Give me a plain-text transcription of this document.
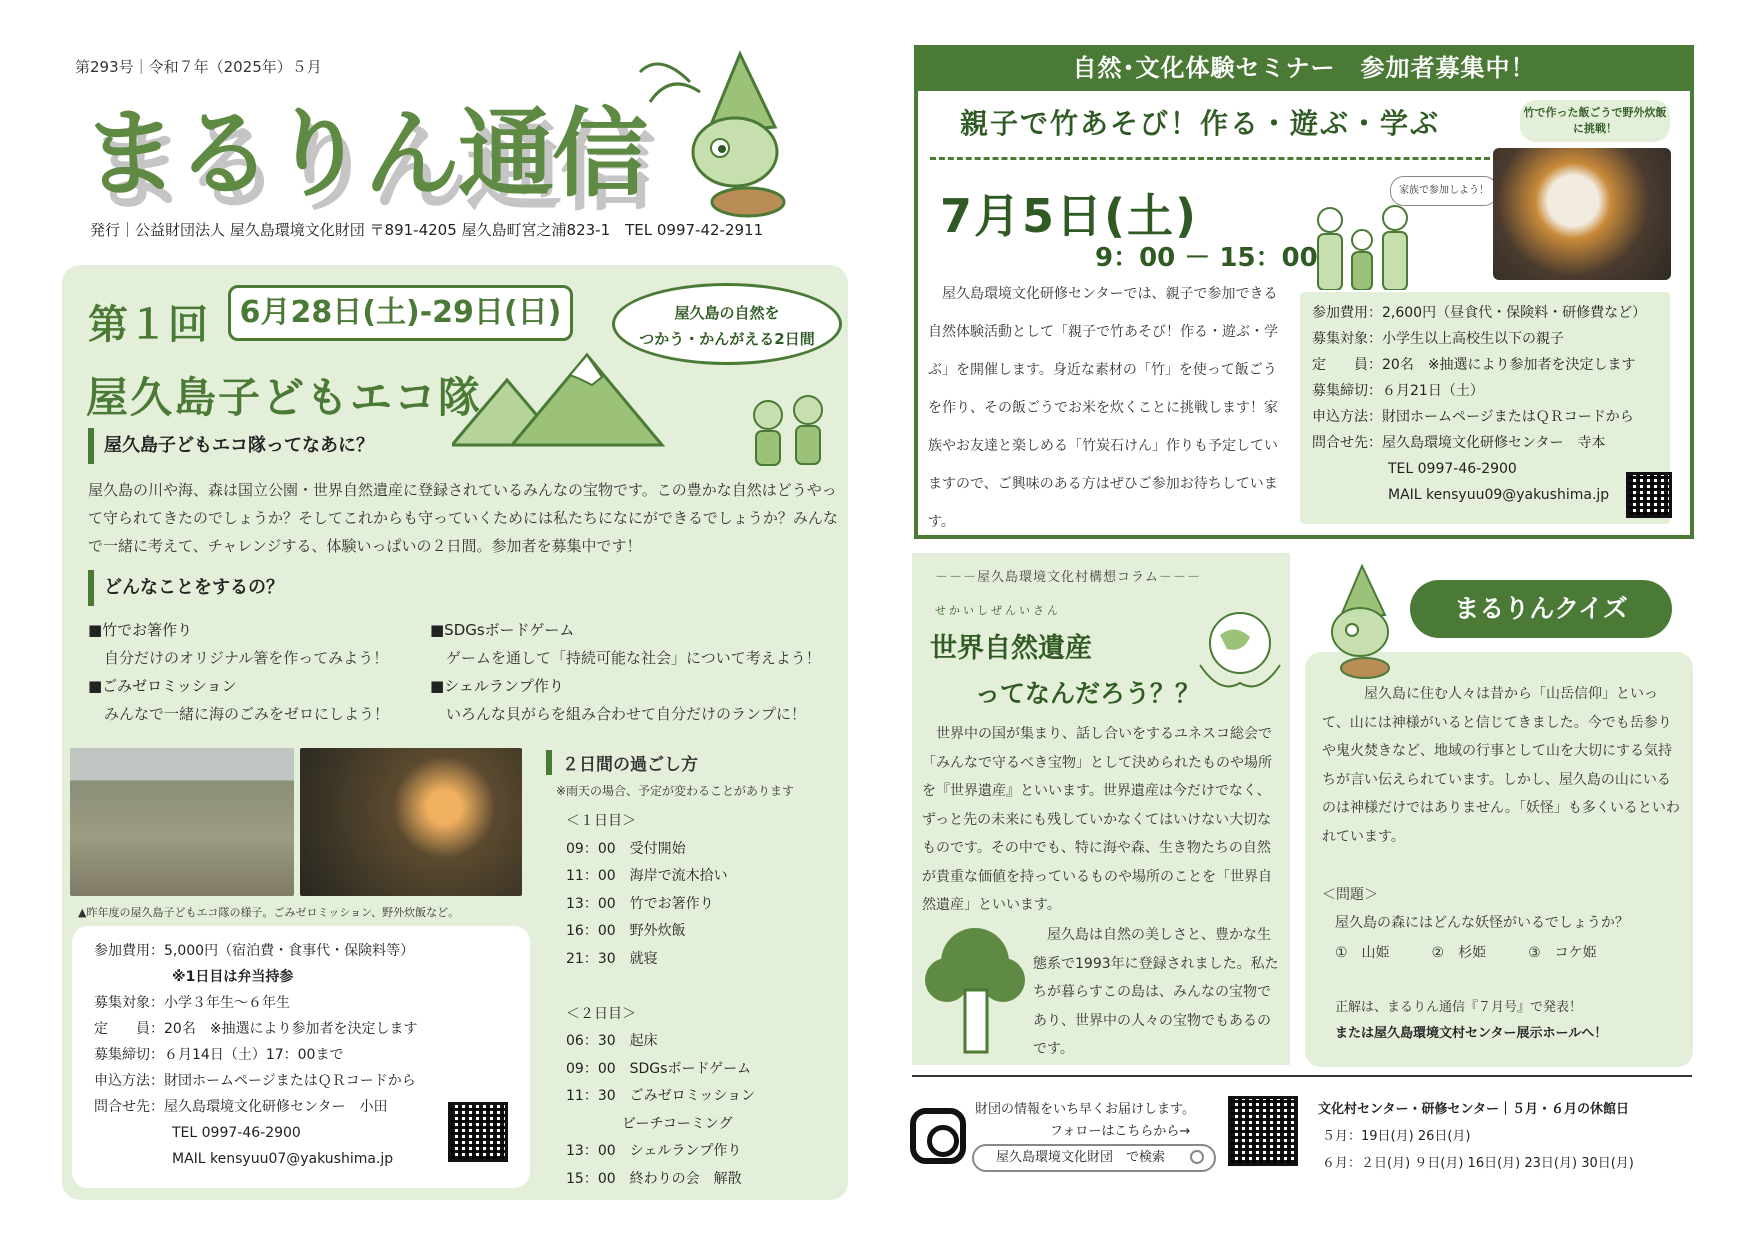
第293号｜令和７年（2025年）５月
まるりん通信
発行｜公益財団法人 屋久島環境文化財団 〒891-4205 屋久島町宮之浦823-1　TEL 0997-42-2911
第１回	6月28日(土)-29日(日)	屋久島の自然を
つかう・かんがえる2日間
屋久島子どもエコ隊
屋久島子どもエコ隊ってなあに？
屋久島の川や海、森は国立公園・世界自然遺産に登録されているみんなの宝物です。この豊かな自然はどうやって守られてきたのでしょうか？そしてこれからも守っていくためには私たちになにができるでしょうか？みんなで一緒に考えて、チャレンジする、体験いっぱいの２日間。参加者を募集中です！
どんなことをするの？
■竹でお箸作り
自分だけのオリジナル箸を作ってみよう！
■ごみゼロミッション
みんなで一緒に海のごみをゼロにしよう！
■SDGsボードゲーム
ゲームを通して「持続可能な社会」について考えよう！
■シェルランプ作り
いろんな貝がらを組み合わせて自分だけのランプに！
▲昨年度の屋久島子どもエコ隊の様子。ごみゼロミッション、野外炊飯など。
参加費用：5,000円（宿泊費・食事代・保険料等）
※1日目は弁当持参
募集対象：小学３年生～６年生
定　　員：20名　※抽選により参加者を決定します
募集締切：６月14日（土）17：00まで
申込方法：財団ホームページまたはＱＲコードから
問合せ先：屋久島環境文化研修センター　小田
TEL 0997-46-2900
MAIL kensyuu07@yakushima.jp
２日間の過ごし方
※雨天の場合、予定が変わることがあります
＜１日目＞
09：00　受付開始
11：00　海岸で流木拾い
13：00　竹でお箸作り
16：00　野外炊飯
21：30　就寝
＜２日目＞
06：30　起床
09：00　SDGsボードゲーム
11：30　ごみゼロミッション
　　　　ビーチコーミング
13：00　シェルランプ作り
15：00　終わりの会　解散
自然･文化体験セミナー　参加者募集中！
親子で竹あそび！作る・遊ぶ・学ぶ
7月5日(土)
9：00 － 15：00
家族で参加しよう！
竹で作った飯ごうで野外炊飯に挑戦！
屋久島環境文化研修センターでは、親子で参加できる自然体験活動として「親子で竹あそび！作る・遊ぶ・学ぶ」を開催します。身近な素材の「竹」を使って飯ごうを作り、その飯ごうでお米を炊くことに挑戦します！家族やお友達と楽しめる「竹炭石けん」作りも予定していますので、ご興味のある方はぜひご参加お待ちしています。
参加費用：2,600円（昼食代・保険料・研修費など）
募集対象：小学生以上高校生以下の親子
定　　員：20名　※抽選により参加者を決定します
募集締切：６月21日（土）
申込方法：財団ホームページまたはＱＲコードから
問合せ先：屋久島環境文化研修センター　寺本
TEL 0997-46-2900
MAIL kensyuu09@yakushima.jp
－－－屋久島環境文化村構想コラム－－－
せかいしぜんいさん
世界自然遺産
ってなんだろう？？
世界中の国が集まり、話し合いをするユネスコ総会で「みんなで守るべき宝物」として決められたものや場所を『世界遺産』といいます。世界遺産は今だけでなく、ずっと先の未来にも残していかなくてはいけない大切なものです。その中でも、特に海や森、生き物たちの自然が貴重な価値を持っているものや場所のことを「世界自然遺産」といいます。
屋久島は自然の美しさと、豊かな生態系で1993年に登録されました。私たちが暮らすこの島は、みんなの宝物であり、世界中の人々の宝物でもあるのです。
まるりんクイズ
屋久島に住む人々は昔から「山岳信仰」といって、山には神様がいると信じてきました。今でも岳参りや鬼火焚きなど、地域の行事として山を大切にする気持ちが言い伝えられています。しかし、屋久島の山にいるのは神様だけではありません。「妖怪」も多くいるといわれています。
＜問題＞
屋久島の森にはどんな妖怪がいるでしょうか？
①　山姫　　　②　杉姫　　　③　コケ姫
正解は、まるりん通信『７月号』で発表！
または屋久島環境文村センター展示ホールへ！
財団の情報をいち早くお届けします。
フォローはこちらから→
屋久島環境文化財団　で検索
文化村センター・研修センター｜５月・６月の休館日
５月：19日(月) 26日(月)
６月：２日(月) ９日(月) 16日(月) 23日(月) 30日(月)
